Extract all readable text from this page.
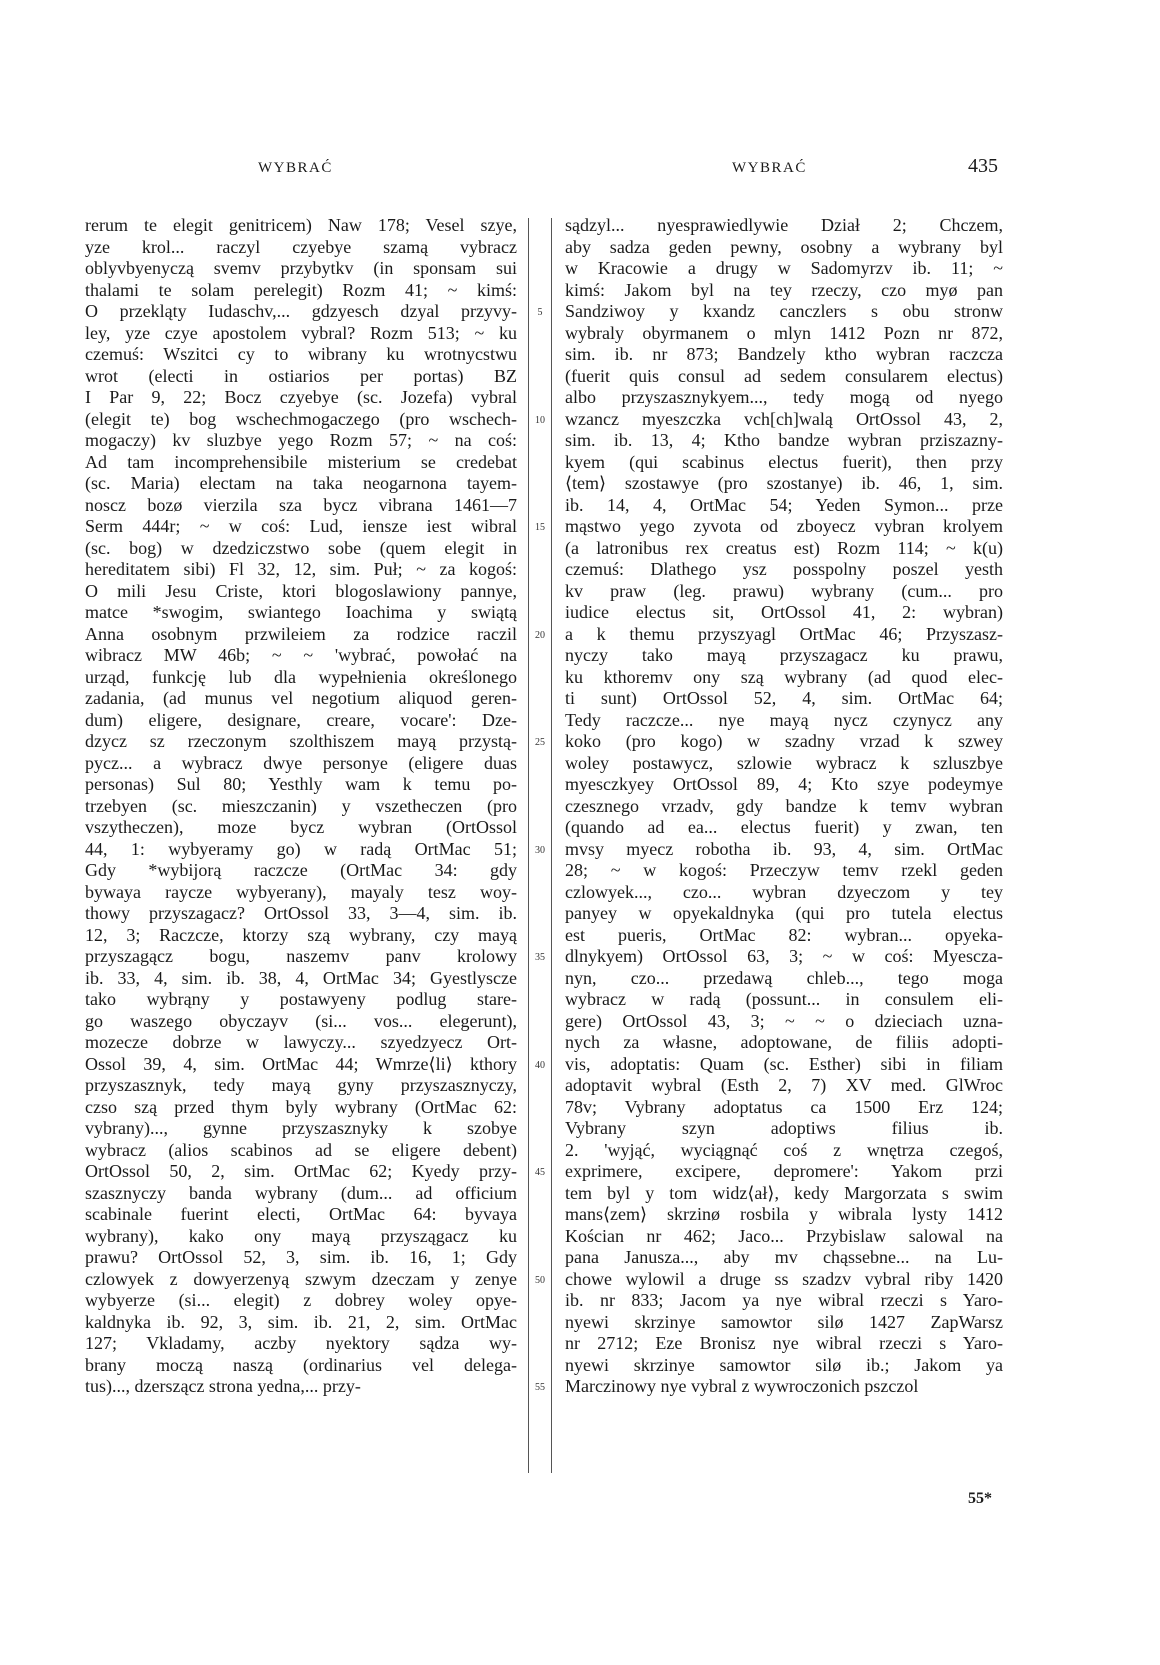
WYBRAĆ	WYBRAĆ	435
rerum te elegit genitricem) Naw 178; Vesel szye,
yze krol... raczyl czyebye szamą vybracz
oblyvbyenyczą svemv przybytkv (in sponsam sui
thalami te solam perelegit) Rozm 41; ~ kimś:
O przekląty Iudaschv,... gdzyesch dzyal przyvy-
ley, yze czye apostolem vybral? Rozm 513; ~ ku
czemuś: Wszitci cy to wibrany ku wrotnycstwu
wrot (electi in ostiarios per portas) BZ
I Par 9, 22; Bocz czyebye (sc. Jozefa) vybral
(elegit te) bog wschechmogaczego (pro wschech-
mogaczy) kv sluzbye yego Rozm 57; ~ na coś:
Ad tam incomprehensibile misterium se credebat
(sc. Maria) electam na taka neogarnona tayem-
noscz bozø vierzila sza bycz vibrana 1461—7
Serm 444r; ~ w coś: Lud, iensze iest wibral
(sc. bog) w dzedziczstwo sobe (quem elegit in
hereditatem sibi) Fl 32, 12, sim. Puł; ~ za kogoś:
O mili Jesu Criste, ktori blogoslawiony pannye,
matce *swogim, swiantego Ioachima y swiątą
Anna osobnym przwileiem za rodzice raczil
wibracz MW 46b; ~ ~ 'wybrać, powołać na
urząd, funkcję lub dla wypełnienia określonego
zadania, (ad munus vel negotium aliquod geren-
dum) eligere, designare, creare, vocare': Dze-
dzycz sz rzeczonym szolthiszem mayą przystą-
pycz... a wybracz dwye personye (eligere duas
personas) Sul 80; Yesthly wam k temu po-
trzebyen (sc. mieszczanin) y vszetheczen (pro
vszytheczen), moze bycz wybran (OrtOssol
44, 1: wybyeramy go) w radą OrtMac 51;
Gdy *wybijorą raczcze (OrtMac 34: gdy
bywaya raycze wybyerany), mayaly tesz woy-
thowy przyszagacz? OrtOssol 33, 3—4, sim. ib.
12, 3; Raczcze, ktorzy szą wybrany, czy mayą
przyszagącz bogu, naszemv panv krolowy
ib. 33, 4, sim. ib. 38, 4, OrtMac 34; Gyestlyscze
tako wybrąny y postawyeny podlug stare-
go waszego obyczayv (si... vos... elegerunt),
mozecze dobrze w lawyczy... szyedzyecz Ort-
Ossol 39, 4, sim. OrtMac 44; Wmrze⟨li⟩ kthory
przyszasznyk, tedy mayą gyny przyszasznyczy,
czso szą przed thym byly wybrany (OrtMac 62:
vybrany)..., gynne przyszasznyky k szobye
wybracz (alios scabinos ad se eligere debent)
OrtOssol 50, 2, sim. OrtMac 62; Kyedy przy-
szasznyczy banda wybrany (dum... ad officium
scabinale fuerint electi, OrtMac 64: byvaya
wybrany), kako ony mayą przyszągacz ku
prawu? OrtOssol 52, 3, sim. ib. 16, 1; Gdy
czlowyek z dowyerzenyą szwym dzeczam y zenye
wybyerze (si... elegit) z dobrey woley opye-
kaldnyka ib. 92, 3, sim. ib. 21, 2, sim. OrtMac
127; Vkladamy, aczby nyektory sądza wy-
brany moczą naszą (ordinarius vel delega-
tus)..., dzerszącz strona yedna,... przy-
5
10
15
20
25
30
35
40
45
50
55
sądzyl... nyesprawiedlywie Dział 2; Chczem,
aby sadza geden pewny, osobny a wybrany byl
w Kracowie a drugy w Sadomyrzv ib. 11; ~
kimś: Jakom byl na tey rzeczy, czo myø pan
Sandziwoy y kxandz canczlers s obu stronw
wybraly obyrmanem o mlyn 1412 Pozn nr 872,
sim. ib. nr 873; Bandzely ktho wybran raczcza
(fuerit quis consul ad sedem consularem electus)
albo przyszasznykyem..., tedy mogą od nyego
wzancz myeszczka vch[ch]walą OrtOssol 43, 2,
sim. ib. 13, 4; Ktho bandze wybran prziszazny-
kyem (qui scabinus electus fuerit), then przy
⟨tem⟩ szostawye (pro szostanye) ib. 46, 1, sim.
ib. 14, 4, OrtMac 54; Yeden Symon... prze
mąstwo yego zyvota od zboyecz vybran krolyem
(a latronibus rex creatus est) Rozm 114; ~ k(u)
czemuś: Dlathego ysz posspolny poszel yesth
kv praw (leg. prawu) wybrany (cum... pro
iudice electus sit, OrtOssol 41, 2: wybran)
a k themu przyszyagl OrtMac 46; Przyszasz-
nyczy tako mayą przyszagacz ku prawu,
ku kthoremv ony szą wybrany (ad quod elec-
ti sunt) OrtOssol 52, 4, sim. OrtMac 64;
Tedy raczcze... nye mayą nycz czynycz any
koko (pro kogo) w szadny vrzad k szwey
woley postawycz, szlowie wybracz k szluszbye
myesczkyey OrtOssol 89, 4; Kto szye podeymye
czesznego vrzadv, gdy bandze k temv wybran
(quando ad ea... electus fuerit) y zwan, ten
mvsy myecz robotha ib. 93, 4, sim. OrtMac
28; ~ w kogoś: Przeczyw temv rzekl geden
czlowyek..., czo... wybran dzyeczom y tey
panyey w opyekaldnyka (qui pro tutela electus
est pueris, OrtMac 82: wybran... opyeka-
dlnykyem) OrtOssol 63, 3; ~ w coś: Myescza-
nyn, czo... przedawą chleb..., tego moga
wybracz w radą (possunt... in consulem eli-
gere) OrtOssol 43, 3; ~ ~ o dzieciach uzna-
nych za własne, adoptowane, de filiis adopti-
vis, adoptatis: Quam (sc. Esther) sibi in filiam
adoptavit wybral (Esth 2, 7) XV med. GlWroc
78v; Vybrany adoptatus ca 1500 Erz 124;
Vybrany szyn adoptiws filius ib.
2. 'wyjąć, wyciągnąć coś z wnętrza czegoś,
exprimere, excipere, depromere': Yakom przi
tem byl y tom widz⟨ał⟩, kedy Margorzata s swim
mans⟨zem⟩ skrzinø rosbila y wibrala lysty 1412
Kościan nr 462; Jaco... Przybislaw salowal na
pana Janusza..., aby mv chąssebne... na Lu-
chowe wylowil a druge ss szadzv vybral riby 1420
ib. nr 833; Jacom ya nye wibral rzeczi s Yaro-
nyewi skrzinye samowtor silø 1427 ZapWarsz
nr 2712; Eze Bronisz nye wibral rzeczi s Yaro-
nyewi skrzinye samowtor silø ib.; Jakom ya
Marczinowy nye vybral z wywroczonich pszczol
55*
